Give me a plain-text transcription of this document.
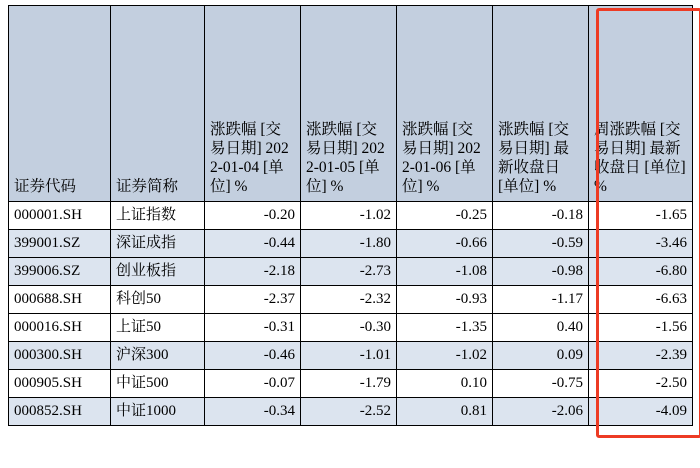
证券代码	证券简称	涨跌幅 [交易日期] 2022-01-04 [单位] %	涨跌幅 [交易日期] 2022-01-05 [单位] %	涨跌幅 [交易日期] 2022-01-06 [单位] %	涨跌幅 [交易日期] 最新收盘日 [单位] %	周涨跌幅 [交易日期] 最新收盘日 [单位] %
000001.SH	上证指数	-0.20	-1.02	-0.25	-0.18	-1.65
399001.SZ	深证成指	-0.44	-1.80	-0.66	-0.59	-3.46
399006.SZ	创业板指	-2.18	-2.73	-1.08	-0.98	-6.80
000688.SH	科创50	-2.37	-2.32	-0.93	-1.17	-6.63
000016.SH	上证50	-0.31	-0.30	-1.35	0.40	-1.56
000300.SH	沪深300	-0.46	-1.01	-1.02	0.09	-2.39
000905.SH	中证500	-0.07	-1.79	0.10	-0.75	-2.50
000852.SH	中证1000	-0.34	-2.52	0.81	-2.06	-4.09
